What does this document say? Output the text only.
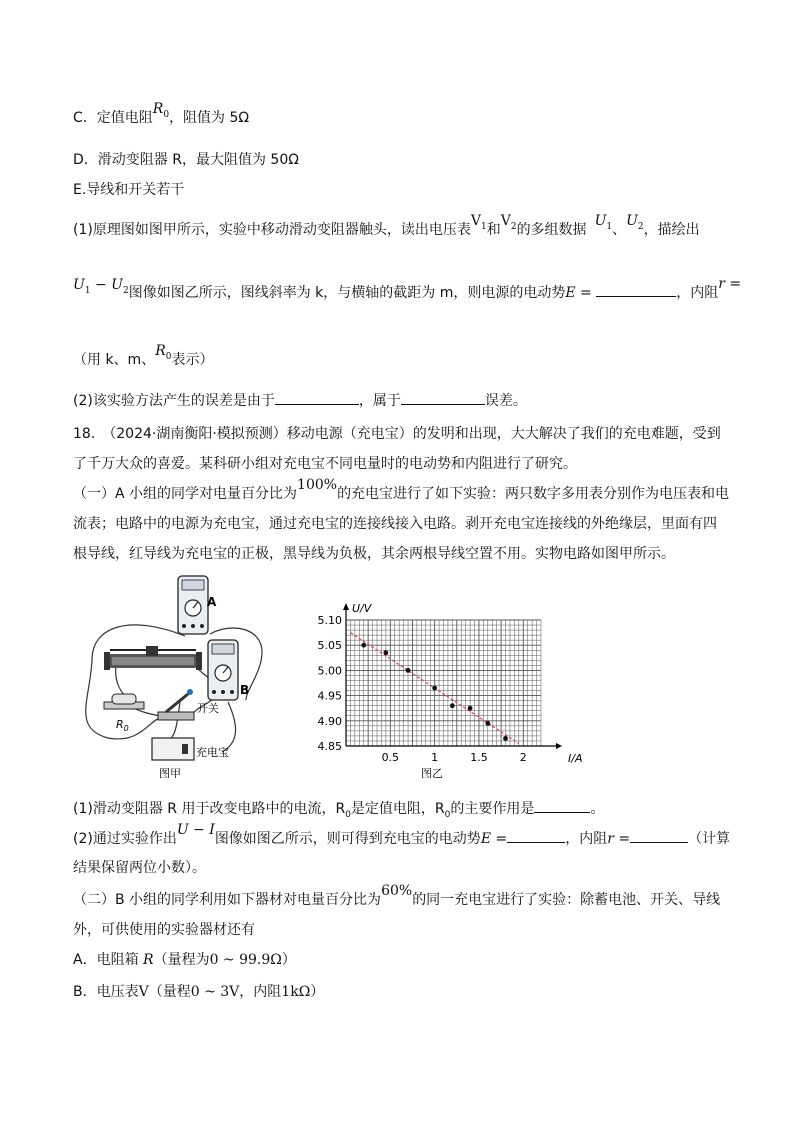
C．定值电阻$R_0$，阻值为 5Ω
D．滑动变阻器 R，最大阻值为 50Ω
E.导线和开关若干
(1)原理图如图甲所示，实验中移动滑动变阻器触头，读出电压表$V_1$和$V_2$的多组数据$U_1$、$U_2$，描绘出
$U_1 - U_2$图像如图乙所示，图线斜率为 k，与横轴的截距为 m，则电源的电动势E =	，内阻r =
（用 k、m、$R_0$表示）
(2)该实验方法产生的误差是由于	，属于	误差。
18.　（2024·湖南衡阳·模拟预测）移动电源（充电宝）的发明和出现，大大解决了我们的充电难题，受到
了千万大众的喜爱。某科研小组对充电宝不同电量时的电动势和内阻进行了研究。
（一）A 小组的同学对电量百分比为100%的充电宝进行了如下实验：两只数字多用表分别作为电压表和电
流表；电路中的电源为充电宝，通过充电宝的连接线接入电路。剥开充电宝连接线的外绝缘层，里面有四
根导线，红导线为充电宝的正极，黑导线为负极，其余两根导线空置不用。实物电路如图甲所示。
A
B
$R_0$
开关
充电宝
图甲
4.85
4.90
4.95
5.00
5.05
5.10
0.5	1	1.5	2
U/V
I/A
图乙
(1)滑动变阻器 R 用于改变电路中的电流，$R_0$是定值电阻，$R_0$的主要作用是	。
(2)通过实验作出U − I图像如图乙所示，则可得到充电宝的电动势E =	，内阻r =	（计算
结果保留两位小数）。
（二）B 小组的同学利用如下器材对电量百分比为60%的同一充电宝进行了实验：除蓄电池、开关、导线
外，可供使用的实验器材还有
A．电阻箱 R（量程为0 ~ 99.9Ω）
B．电压表V（量程0 ~ 3V，内阻1kΩ）
